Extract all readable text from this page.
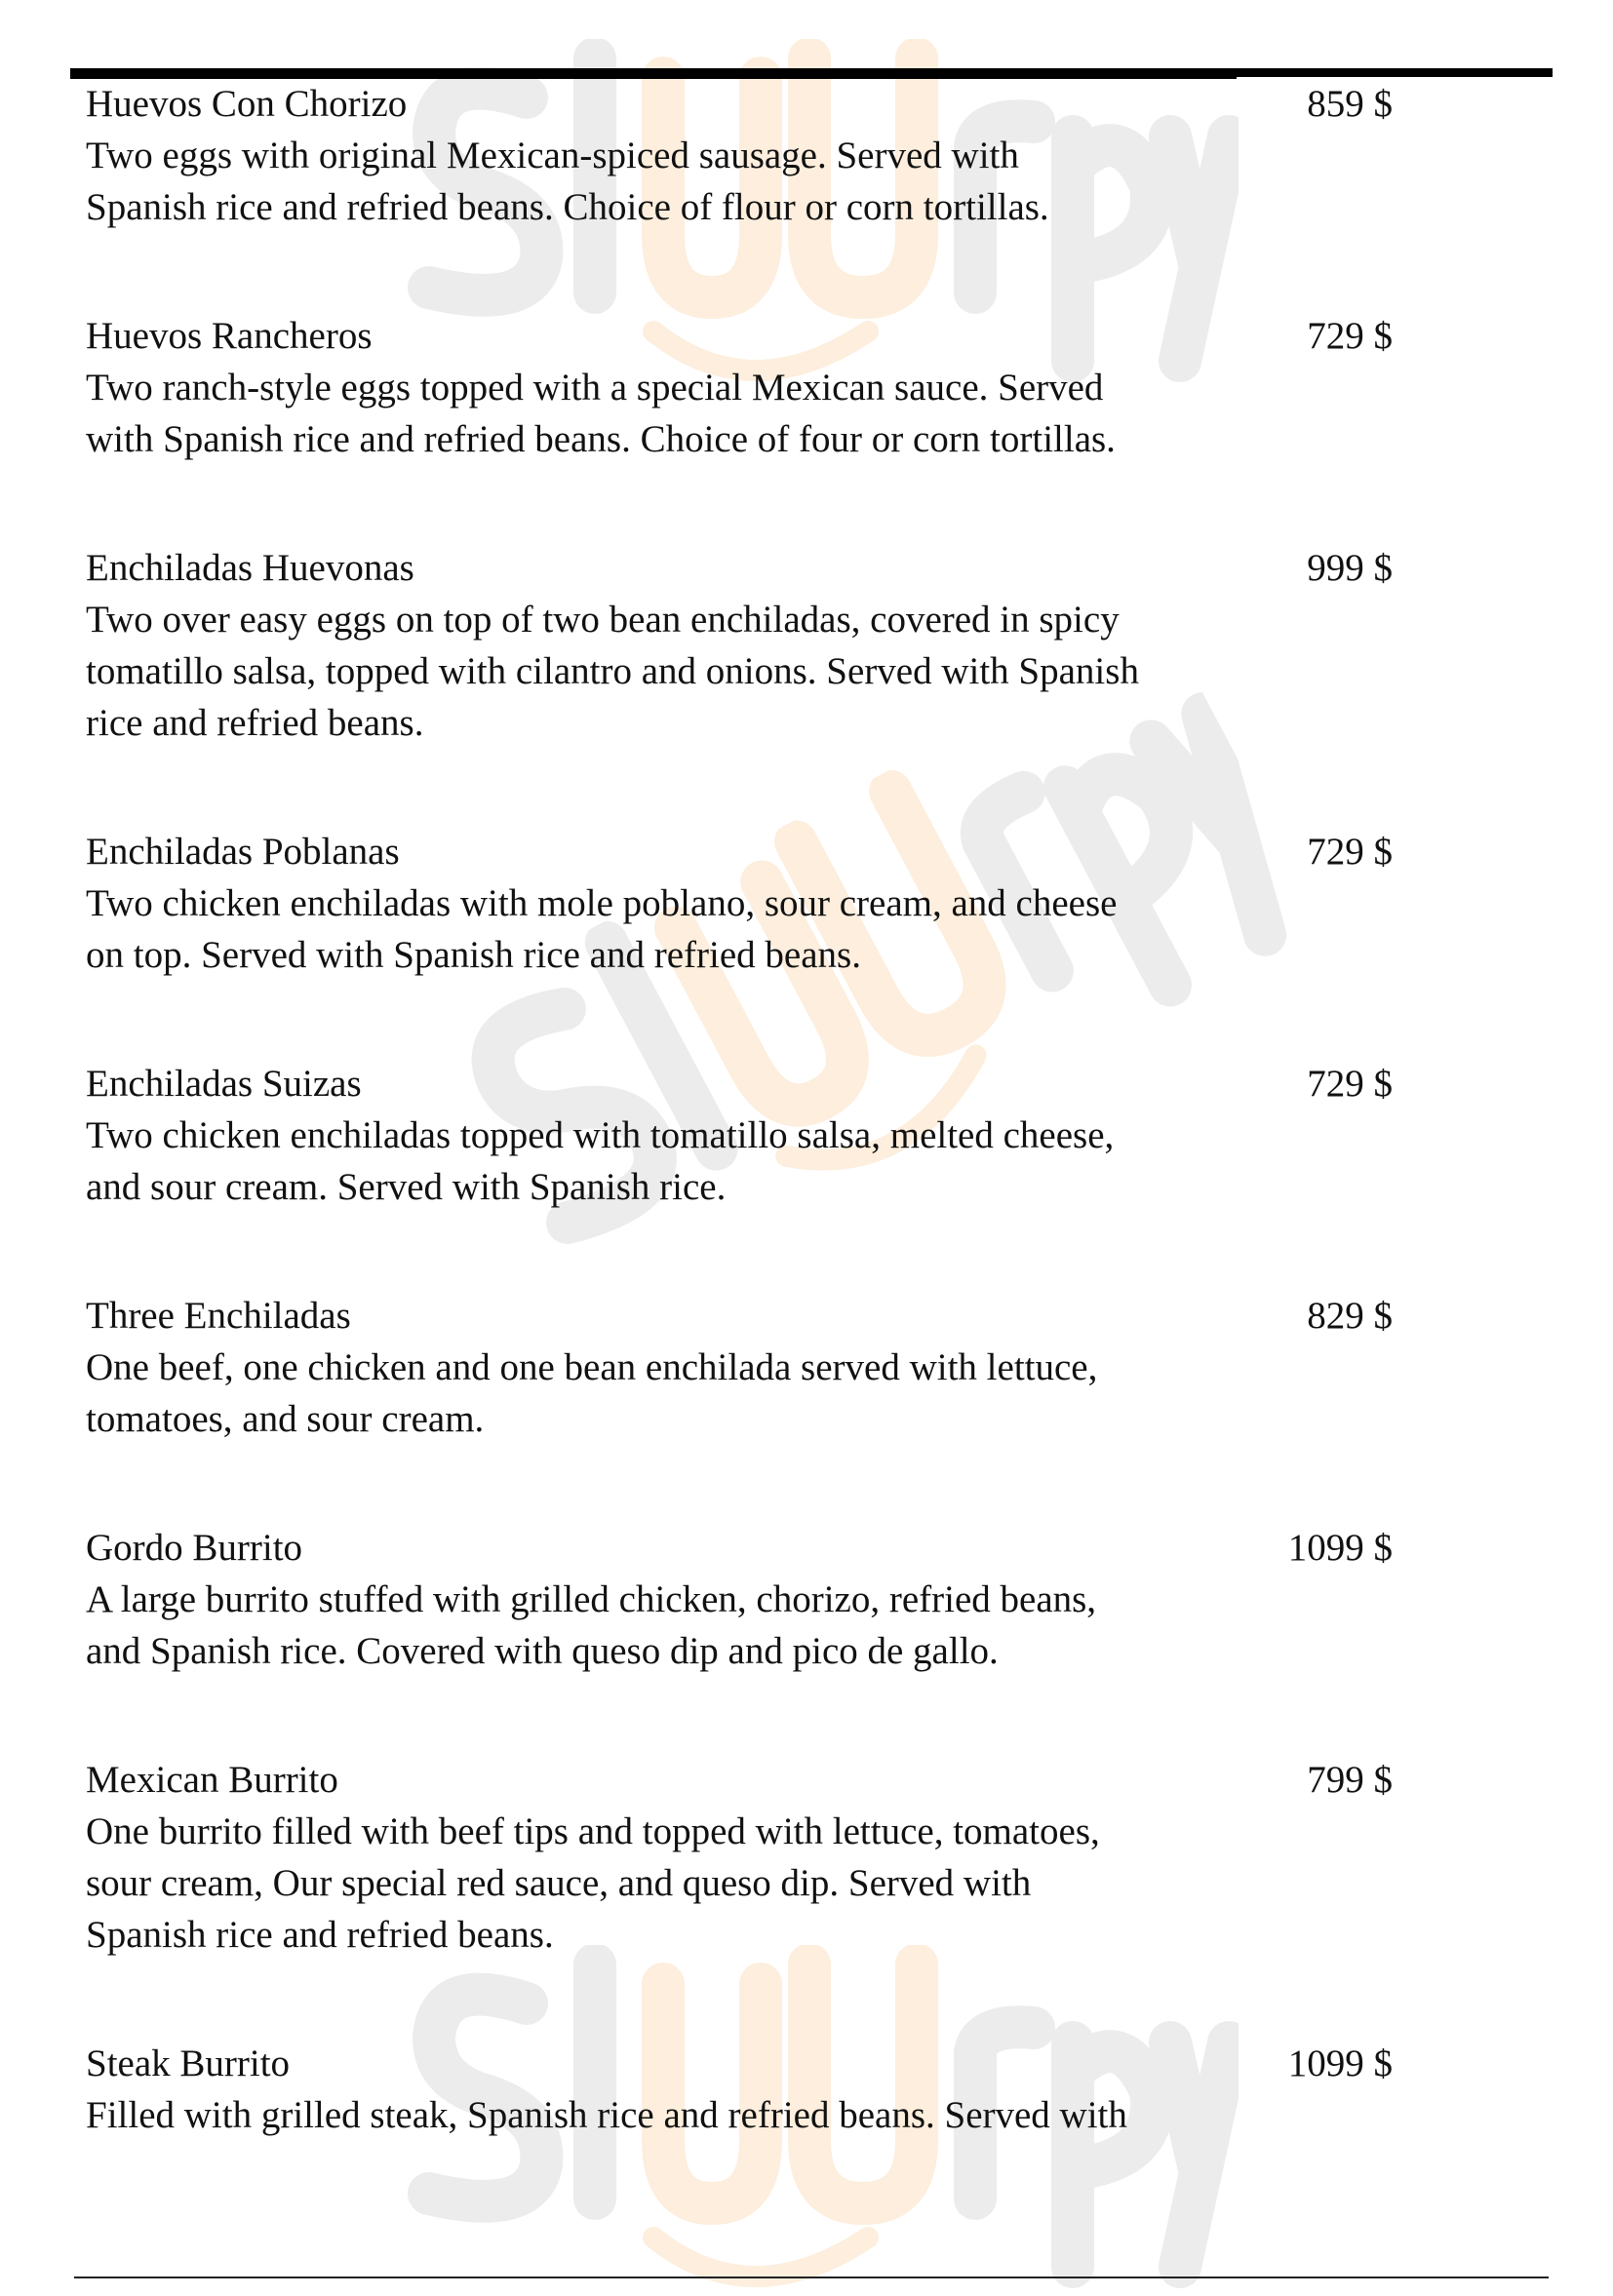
Huevos Con Chorizo	859 $
Two eggs with original Mexican-spiced sausage. Served with
Spanish rice and refried beans. Choice of flour or corn tortillas.
Huevos Rancheros	729 $
Two ranch-style eggs topped with a special Mexican sauce. Served
with Spanish rice and refried beans. Choice of four or corn tortillas.
Enchiladas Huevonas	999 $
Two over easy eggs on top of two bean enchiladas, covered in spicy
tomatillo salsa, topped with cilantro and onions. Served with Spanish
rice and refried beans.
Enchiladas Poblanas	729 $
Two chicken enchiladas with mole poblano, sour cream, and cheese
on top. Served with Spanish rice and refried beans.
Enchiladas Suizas	729 $
Two chicken enchiladas topped with tomatillo salsa, melted cheese,
and sour cream. Served with Spanish rice.
Three Enchiladas	829 $
One beef, one chicken and one bean enchilada served with lettuce,
tomatoes, and sour cream.
Gordo Burrito	1099 $
A large burrito stuffed with grilled chicken, chorizo, refried beans,
and Spanish rice. Covered with queso dip and pico de gallo.
Mexican Burrito	799 $
One burrito filled with beef tips and topped with lettuce, tomatoes,
sour cream, Our special red sauce, and queso dip. Served with
Spanish rice and refried beans.
Steak Burrito	1099 $
Filled with grilled steak, Spanish rice and refried beans. Served with
